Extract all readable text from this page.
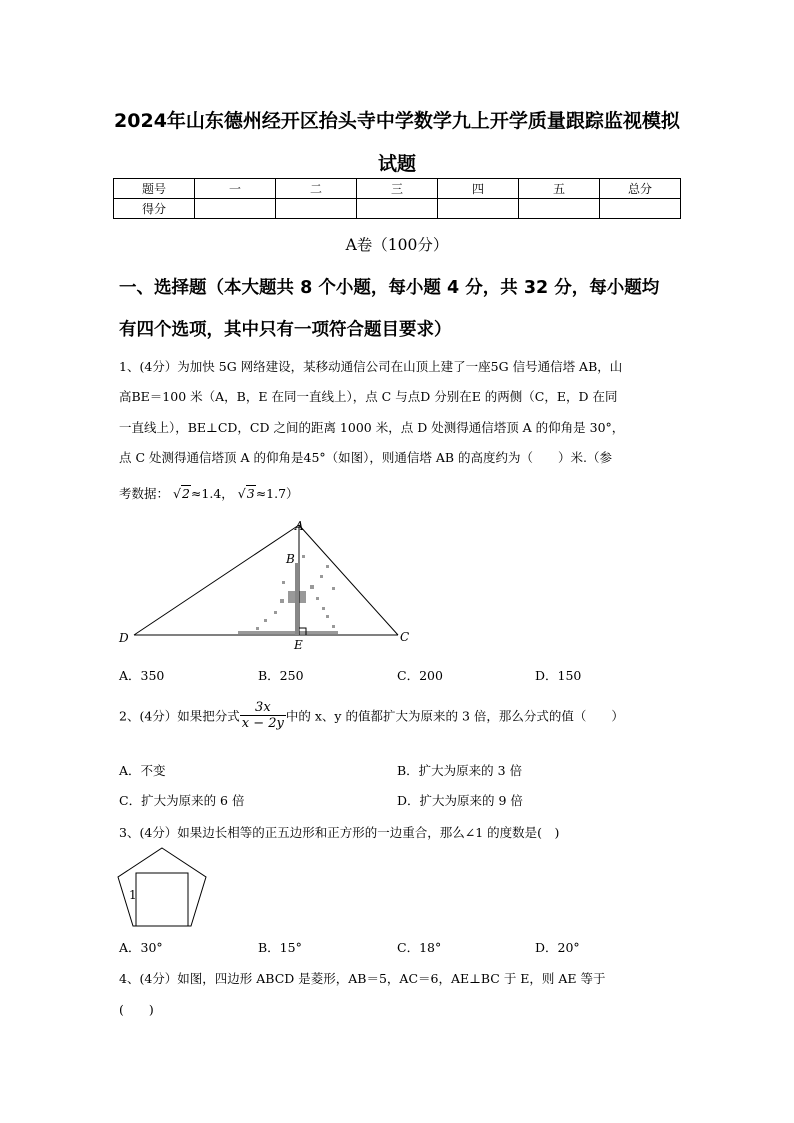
2024年山东德州经开区抬头寺中学数学九上开学质量跟踪监视模拟
试题
题号	一	二	三	四	五	总分
得分						
A卷（100分）
一、选择题（本大题共 8 个小题，每小题 4 分，共 32 分，每小题均
有四个选项，其中只有一项符合题目要求）
1、(4分）为加快 5G 网络建设，某移动通信公司在山顶上建了一座5G 信号通信塔 AB，山
高BE＝100 米（A，B，E 在同一直线上），点 C 与点D 分别在E 的两侧（C，E，D 在同
一直线上），BE⊥CD，CD 之间的距离 1000 米，点 D 处测得通信塔顶 A 的仰角是 30°，
点 C 处测得通信塔顶 A 的仰角是45°（如图），则通信塔 AB 的高度约为（　　）米.（参
考数据： √2≈1.4， √3≈1.7）
A
B
D	C
E
A．350	B．250	C．200	D．150
2、(4分）如果把分式 $\frac{3x}{x - 2y}$ 中的 x、y 的值都扩大为原来的 3 倍，那么分式的值（　　）
A．不变	B．扩大为原来的 3 倍
C．扩大为原来的 6 倍	D．扩大为原来的 9 倍
3、(4分）如果边长相等的正五边形和正方形的一边重合，那么∠1 的度数是(　)
1
A．30°	B．15°	C．18°	D．20°
4、(4分）如图，四边形 ABCD 是菱形，AB＝5，AC＝6，AE⊥BC 于 E，则 AE 等于
(　　)
